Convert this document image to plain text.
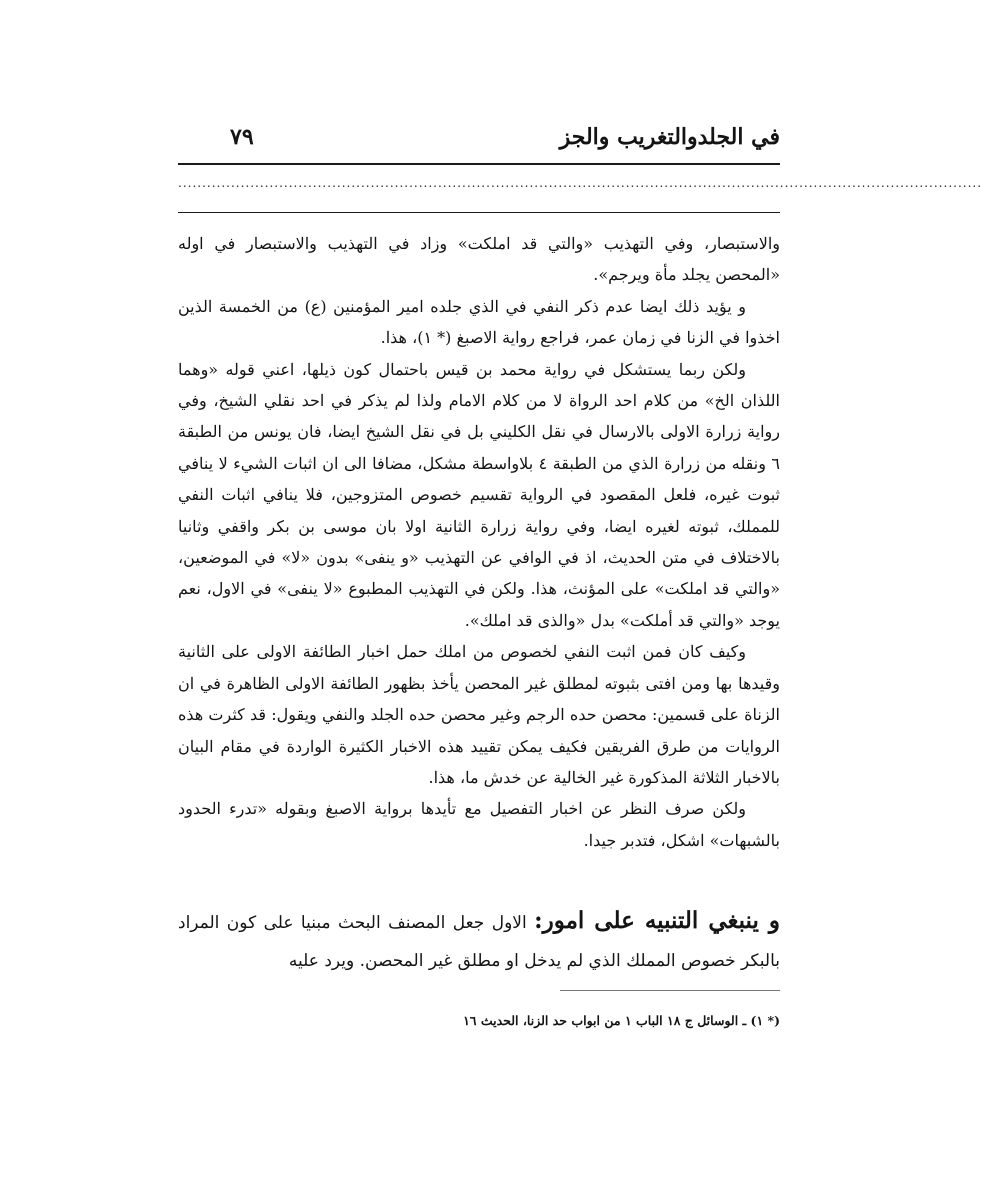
في الجلدوالتغريب والجز
٧٩
.......................................................................................................................................................................

والاستبصار، وفي التهذيب «والتي قد املكت» وزاد في التهذيب والاستبصار في اوله «المحصن يجلد مأة ويرجم».

و يؤيد ذلك ايضا عدم ذكر النفي في الذي جلده امير المؤمنين (ع) من الخمسة الذين اخذوا في الزنا في زمان عمر، فراجع رواية الاصبغ (* ١)، هذا.

ولكن ربما يستشكل في رواية محمد بن قيس باحتمال كون ذيلها، اعني قوله «وهما اللذان الخ» من كلام احد الرواة لا من كلام الامام ولذا لم يذكر في احد نقلي الشيخ، وفي رواية زرارة الاولى بالارسال في نقل الكليني بل في نقل الشيخ ايضا، فان يونس من الطبقة ٦ ونقله من زرارة الذي من الطبقة ٤ بلاواسطة مشكل، مضافا الى ان اثبات الشيء لا ينافي ثبوت غيره، فلعل المقصود في الرواية تقسيم خصوص المتزوجين، فلا ينافي اثبات النفي للمملك، ثبوته لغيره ايضا، وفي رواية زرارة الثانية اولا بان موسى بن بكر واقفي وثانيا بالاختلاف في متن الحديث، اذ في الوافي عن التهذيب «و ينفى» بدون «لا» في الموضعين، «والتي قد املكت» على المؤنث، هذا. ولكن في التهذيب المطبوع «لا ينفى» في الاول، نعم يوجد «والتي قد أملكت» بدل «والذى قد املك».

وكيف كان فمن اثبت النفي لخصوص من املك حمل اخبار الطائفة الاولى على الثانية وقيدها بها ومن افتى بثبوته لمطلق غير المحصن يأخذ بظهور الطائفة الاولى الظاهرة في ان الزناة على قسمين: محصن حده الرجم وغير محصن حده الجلد والنفي ويقول: قد كثرت هذه الروايات من طرق الفريقين فكيف يمكن تقييد هذه الاخبار الكثيرة الواردة في مقام البيان بالاخبار الثلاثة المذكورة غير الخالية عن خدش ما، هذا.

ولكن صرف النظر عن اخبار التفصيل مع تأيدها برواية الاصبغ وبقوله «تدرء الحدود بالشبهات» اشكل، فتدبر جيدا.

و ينبغي التنبيه على امور: الاول جعل المصنف البحث مبنيا على كون المراد بالبكر خصوص المملك الذي لم يدخل او مطلق غير المحصن. ويرد عليه

(* ١) ـ الوسائل ج ١٨ الباب ١ من ابواب حد الزنا، الحديث ١٦
